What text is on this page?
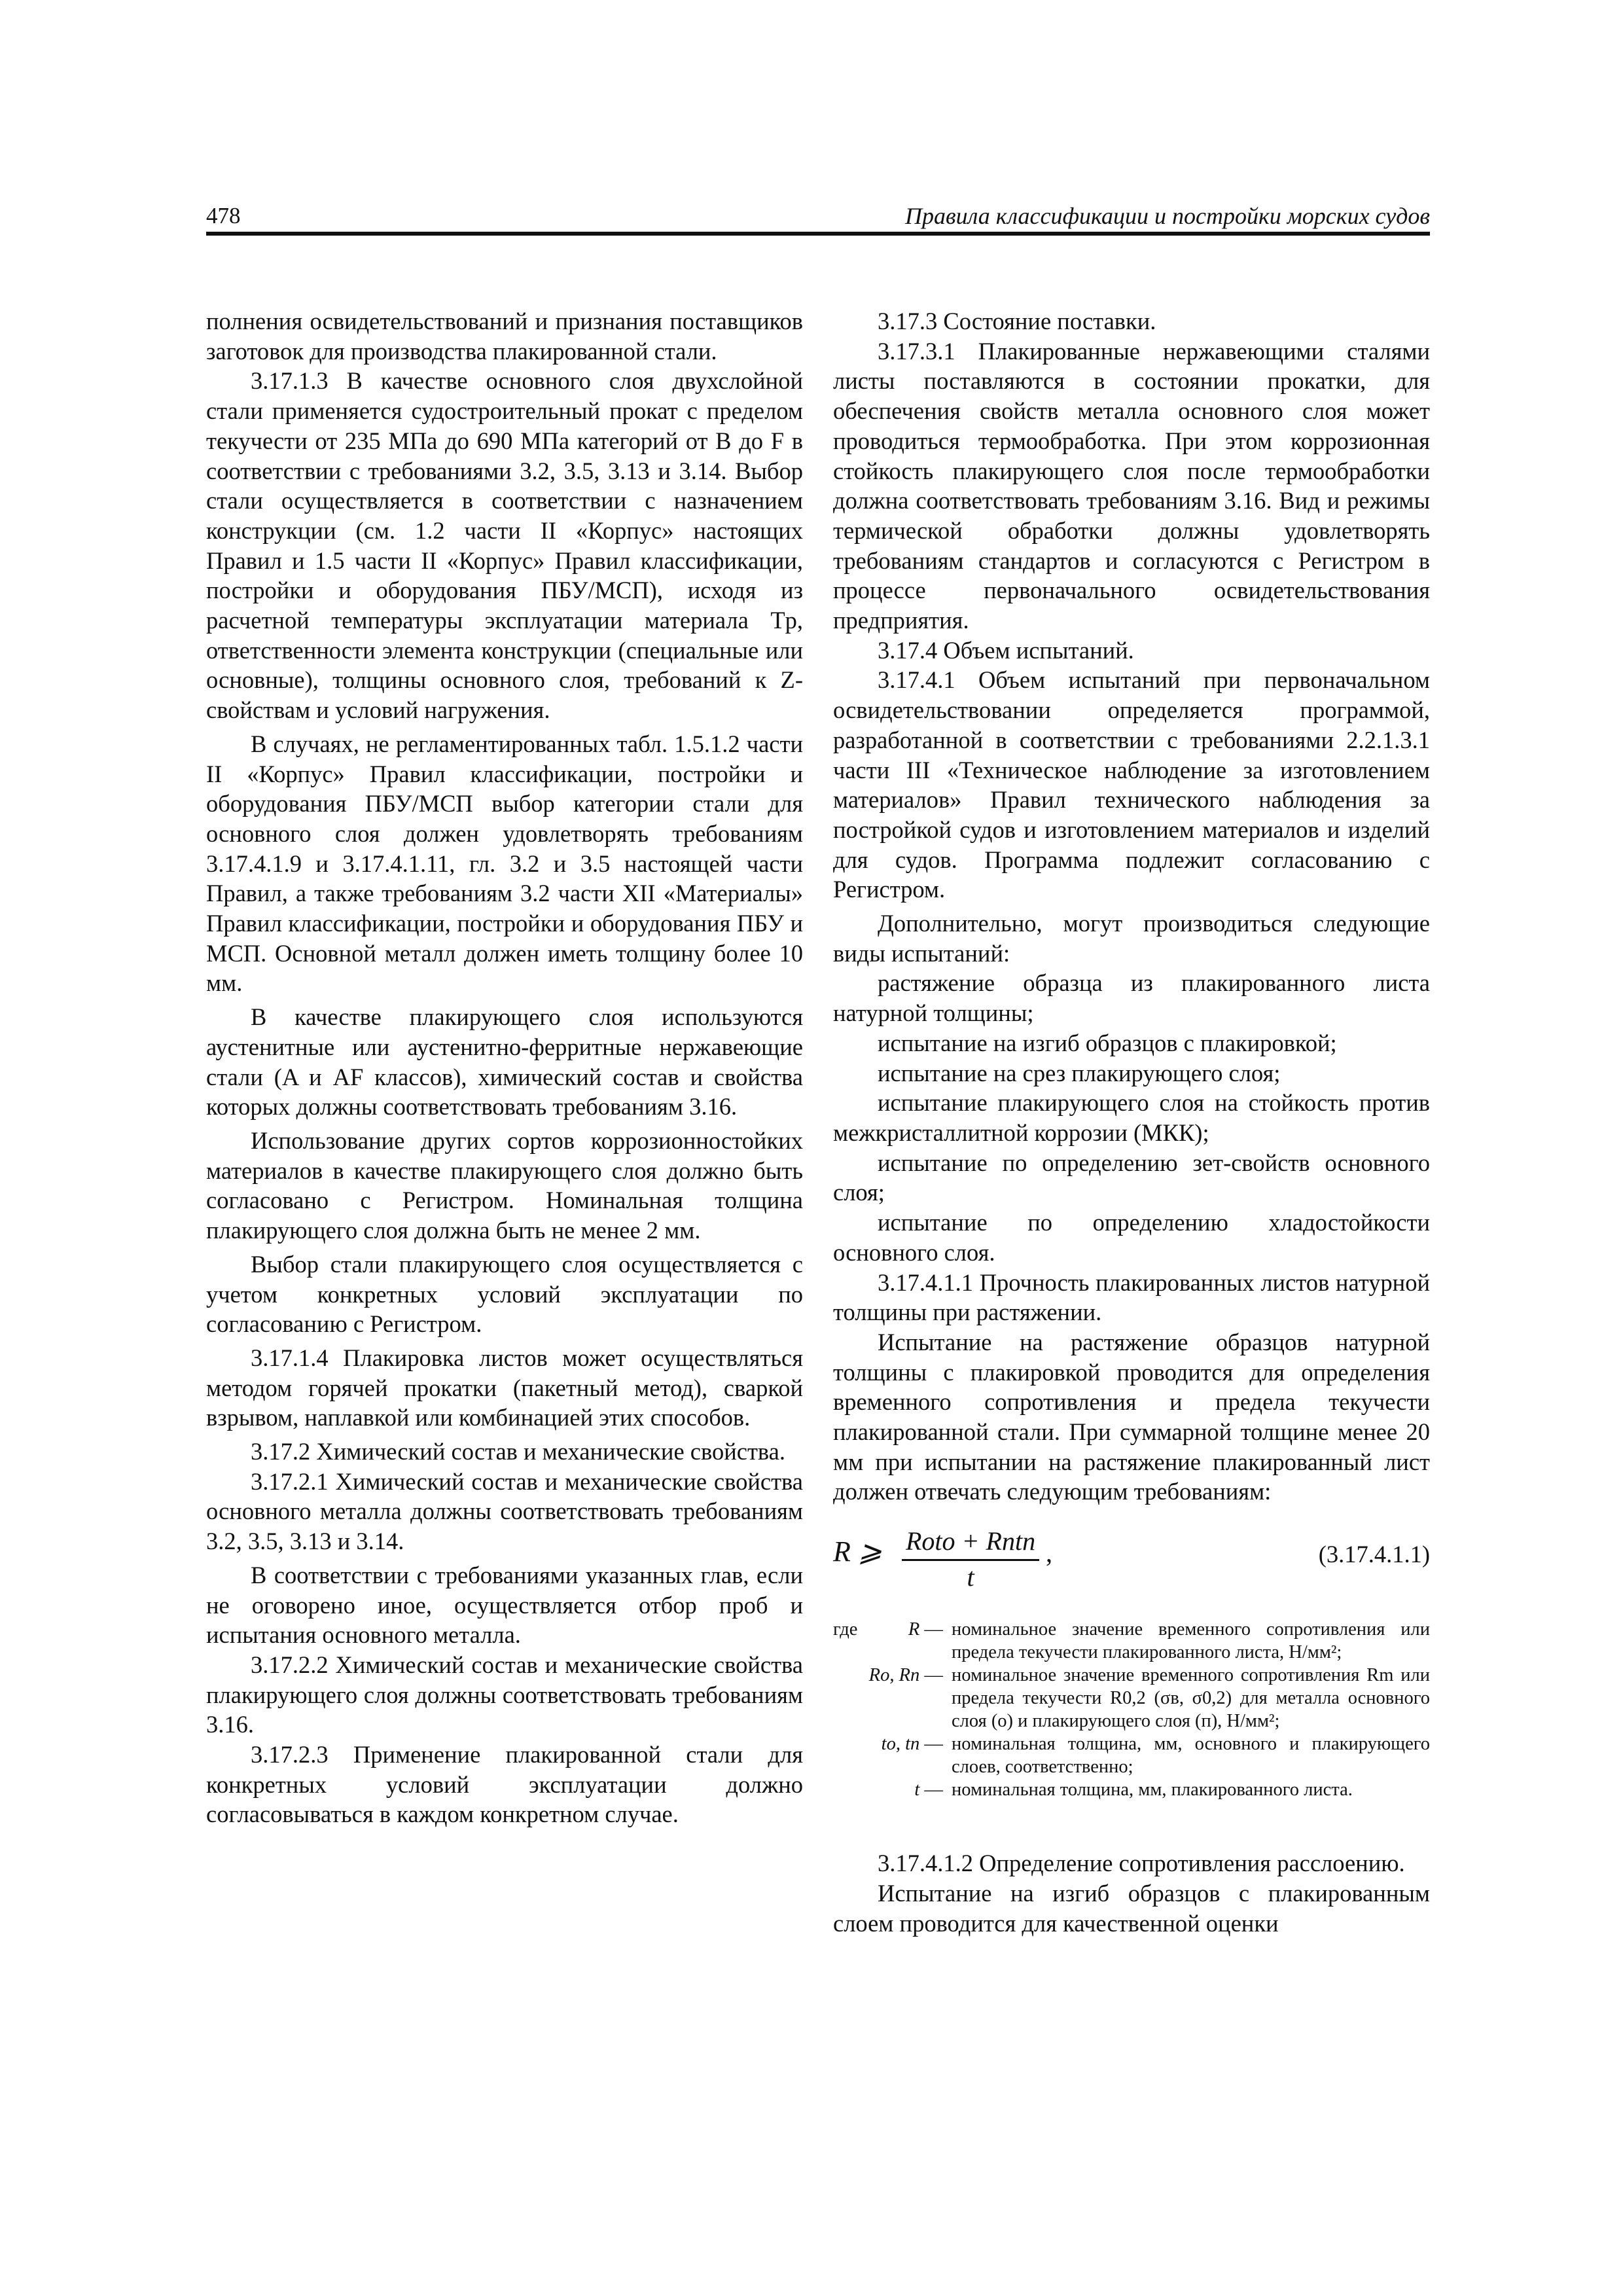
478	Правила классификации и постройки морских судов

полнения освидетельствований и признания поставщиков заготовок для производства плакированной стали.

3.17.1.3 В качестве основного слоя двухслойной стали применяется судостроительный прокат с пределом текучести от 235 МПа до 690 МПа категорий от B до F в соответствии с требованиями 3.2, 3.5, 3.13 и 3.14. Выбор стали осуществляется в соответствии с назначением конструкции (см. 1.2 части II «Корпус» настоящих Правил и 1.5 части II «Корпус» Правил классификации, постройки и оборудования ПБУ/МСП), исходя из расчетной температуры эксплуатации материала Tр, ответственности элемента конструкции (специальные или основные), толщины основного слоя, требований к Z-свойствам и условий нагружения.

В случаях, не регламентированных табл. 1.5.1.2 части II «Корпус» Правил классификации, постройки и оборудования ПБУ/МСП выбор категории стали для основного слоя должен удовлетворять требованиям 3.17.4.1.9 и 3.17.4.1.11, гл. 3.2 и 3.5 настоящей части Правил, а также требованиям 3.2 части XII «Материалы» Правил классификации, постройки и оборудования ПБУ и МСП. Основной металл должен иметь толщину более 10 мм.

В качестве плакирующего слоя используются аустенитные или аустенитно-ферритные нержавеющие стали (A и AF классов), химический состав и свойства которых должны соответствовать требованиям 3.16.

Использование других сортов коррозионностойких материалов в качестве плакирующего слоя должно быть согласовано с Регистром. Номинальная толщина плакирующего слоя должна быть не менее 2 мм.

Выбор стали плакирующего слоя осуществляется с учетом конкретных условий эксплуатации по согласованию с Регистром.

3.17.1.4 Плакировка листов может осуществляться методом горячей прокатки (пакетный метод), сваркой взрывом, наплавкой или комбинацией этих способов.

3.17.2 Химический состав и механические свойства.

3.17.2.1 Химический состав и механические свойства основного металла должны соответствовать требованиям 3.2, 3.5, 3.13 и 3.14.

В соответствии с требованиями указанных глав, если не оговорено иное, осуществляется отбор проб и испытания основного металла.

3.17.2.2 Химический состав и механические свойства плакирующего слоя должны соответствовать требованиям 3.16.

3.17.2.3 Применение плакированной стали для конкретных условий эксплуатации должно согласовываться в каждом конкретном случае.

3.17.3 Состояние поставки.

3.17.3.1 Плакированные нержавеющими сталями листы поставляются в состоянии прокатки, для обеспечения свойств металла основного слоя может проводиться термообработка. При этом коррозионная стойкость плакирующего слоя после термообработки должна соответствовать требованиям 3.16. Вид и режимы термической обработки должны удовлетворять требованиям стандартов и согласуются с Регистром в процессе первоначального освидетельствования предприятия.

3.17.4 Объем испытаний.

3.17.4.1 Объем испытаний при первоначальном освидетельствовании определяется программой, разработанной в соответствии с требованиями 2.2.1.3.1 части III «Техническое наблюдение за изготовлением материалов» Правил технического наблюдения за постройкой судов и изготовлением материалов и изделий для судов. Программа подлежит согласованию с Регистром.

Дополнительно, могут производиться следующие виды испытаний:

растяжение образца из плакированного листа натурной толщины;

испытание на изгиб образцов с плакировкой;

испытание на срез плакирующего слоя;

испытание плакирующего слоя на стойкость против межкристаллитной коррозии (МКК);

испытание по определению зет-свойств основного слоя;

испытание по определению хладостойкости основного слоя.

3.17.4.1.1 Прочность плакированных листов натурной толщины при растяжении.

Испытание на растяжение образцов натурной толщины с плакировкой проводится для определения временного сопротивления и предела текучести плакированной стали. При суммарной толщине менее 20 мм при испытании на растяжение плакированный лист должен отвечать следующим требованиям:

R ⩾ Rоtо + Rпtп
t
,	(3.17.4.1.1)
где	R — номинальное значение временного сопротивления или предела текучести плакированного листа, Н/мм²;
Rо, Rп — номинальное значение временного сопротивления Rm или предела текучести R0,2 (σв, σ0,2) для металла основного слоя (о) и плакирующего слоя (п), Н/мм²;
tо, tп — номинальная толщина, мм, основного и плакирующего слоев, соответственно;
t — номинальная толщина, мм, плакированного листа.

3.17.4.1.2 Определение сопротивления расслоению.

Испытание на изгиб образцов с плакированным слоем проводится для качественной оценки
